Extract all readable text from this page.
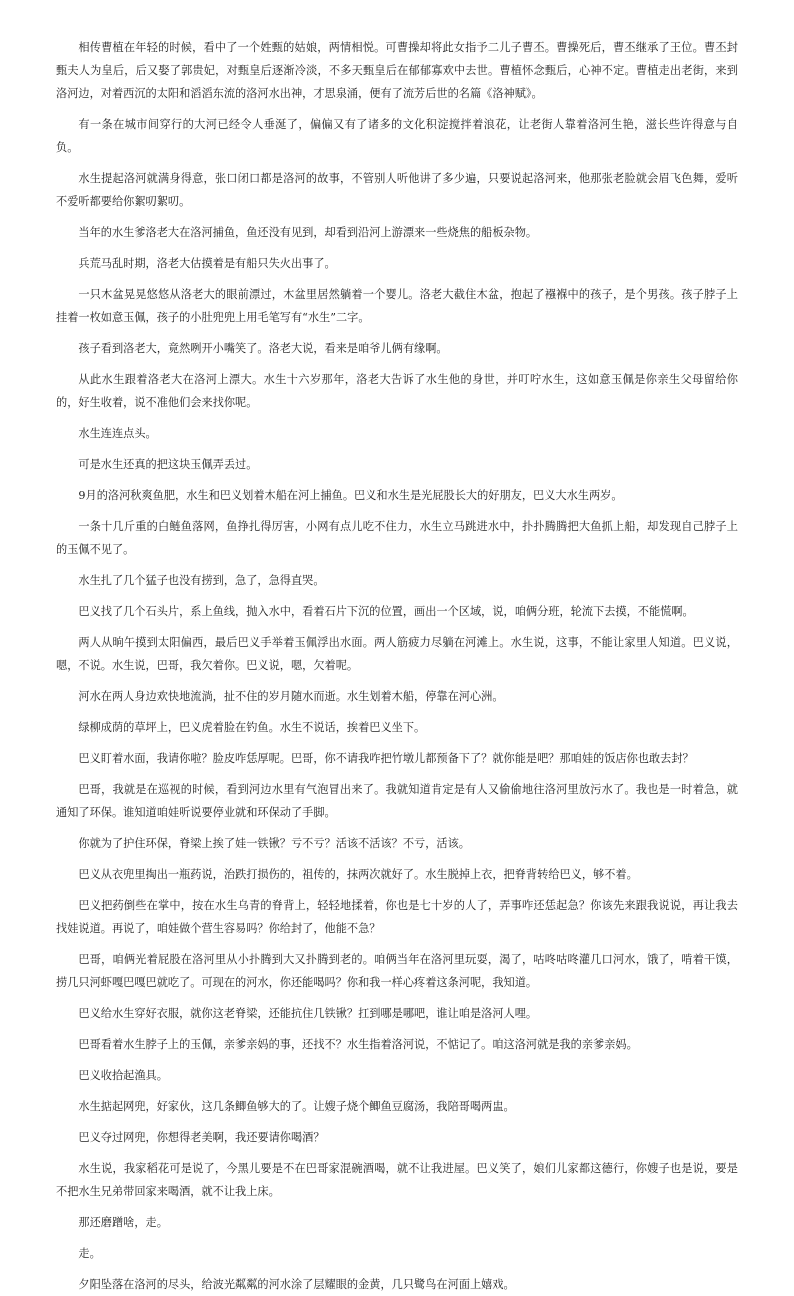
相传曹植在年轻的时候，看中了一个姓甄的姑娘，两情相悦。可曹操却将此女指予二儿子曹丕。曹操死后，曹丕继承了王位。曹丕封甄夫人为皇后，后又娶了郭贵妃，对甄皇后逐渐冷淡，不多天甄皇后在郁郁寡欢中去世。曹植怀念甄后，心神不定。曹植走出老街，来到洛河边，对着西沉的太阳和滔滔东流的洛河水出神，才思泉涌，便有了流芳后世的名篇《洛神赋》。

有一条在城市间穿行的大河已经令人垂涎了，偏偏又有了诸多的文化积淀搅拌着浪花，让老街人靠着洛河生艳，滋长些许得意与自负。

水生提起洛河就满身得意，张口闭口都是洛河的故事，不管别人听他讲了多少遍，只要说起洛河来，他那张老脸就会眉飞色舞，爱听不爱听都要给你絮叨絮叨。

当年的水生爹洛老大在洛河捕鱼，鱼还没有见到，却看到沿河上游漂来一些烧焦的船板杂物。

兵荒马乱时期，洛老大估摸着是有船只失火出事了。

一只木盆晃晃悠悠从洛老大的眼前漂过，木盆里居然躺着一个婴儿。洛老大截住木盆，抱起了襁褓中的孩子，是个男孩。孩子脖子上挂着一枚如意玉佩，孩子的小肚兜兜上用毛笔写有“水生”二字。

孩子看到洛老大，竟然咧开小嘴笑了。洛老大说，看来是咱爷儿俩有缘啊。

从此水生跟着洛老大在洛河上漂大。水生十六岁那年，洛老大告诉了水生他的身世，并叮咛水生，这如意玉佩是你亲生父母留给你的，好生收着，说不准他们会来找你呢。

水生连连点头。

可是水生还真的把这块玉佩弄丢过。

9月的洛河秋爽鱼肥，水生和巴义划着木船在河上捕鱼。巴义和水生是光屁股长大的好朋友，巴义大水生两岁。

一条十几斤重的白鲢鱼落网，鱼挣扎得厉害，小网有点儿吃不住力，水生立马跳进水中，扑扑腾腾把大鱼抓上船，却发现自己脖子上的玉佩不见了。

水生扎了几个猛子也没有捞到，急了，急得直哭。

巴义找了几个石头片，系上鱼线，抛入水中，看着石片下沉的位置，画出一个区域，说，咱俩分班，轮流下去摸，不能慌啊。

两人从晌午摸到太阳偏西，最后巴义手举着玉佩浮出水面。两人筋疲力尽躺在河滩上。水生说，这事，不能让家里人知道。巴义说，嗯，不说。水生说，巴哥，我欠着你。巴义说，嗯，欠着呢。

河水在两人身边欢快地流淌，扯不住的岁月随水而逝。水生划着木船，停靠在河心洲。

绿柳成荫的草坪上，巴义虎着脸在钓鱼。水生不说话，挨着巴义坐下。

巴义盯着水面，我请你啦？脸皮咋恁厚呢。巴哥，你不请我咋把竹墩儿都预备下了？就你能是吧？那咱娃的饭店你也敢去封？

巴哥，我就是在巡视的时候，看到河边水里有气泡冒出来了。我就知道肯定是有人又偷偷地往洛河里放污水了。我也是一时着急，就通知了环保。谁知道咱娃听说要停业就和环保动了手脚。

你就为了护住环保，脊梁上挨了娃一铁锹？亏不亏？活该不活该？不亏，活该。

巴义从衣兜里掏出一瓶药说，治跌打损伤的，祖传的，抹两次就好了。水生脱掉上衣，把脊背转给巴义，够不着。

巴义把药倒些在掌中，按在水生乌青的脊背上，轻轻地揉着，你也是七十岁的人了，弄事咋还恁起急？你该先来跟我说说，再让我去找娃说道。再说了，咱娃做个营生容易吗？你给封了，他能不急？

巴哥，咱俩光着屁股在洛河里从小扑腾到大又扑腾到老的。咱俩当年在洛河里玩耍，渴了，咕咚咕咚灌几口河水，饿了，啃着干馍，捞几只河虾嘎巴嘎巴就吃了。可现在的河水，你还能喝吗？你和我一样心疼着这条河呢，我知道。

巴义给水生穿好衣服，就你这老脊梁，还能抗住几铁锹？扛到哪是哪吧，谁让咱是洛河人哩。

巴哥看着水生脖子上的玉佩，亲爹亲妈的事，还找不？水生指着洛河说，不惦记了。咱这洛河就是我的亲爹亲妈。

巴义收拾起渔具。

水生掂起网兜，好家伙，这几条鲫鱼够大的了。让嫂子烧个鲫鱼豆腐汤，我陪哥喝两盅。

巴义夺过网兜，你想得老美啊，我还要请你喝酒？

水生说，我家稻花可是说了，今黑儿要是不在巴哥家混碗酒喝，就不让我进屋。巴义笑了，娘们儿家都这德行，你嫂子也是说，要是不把水生兄弟带回家来喝酒，就不让我上床。

那还磨蹭啥，走。

走。

夕阳坠落在洛河的尽头，给波光粼粼的河水涂了层耀眼的金黄，几只鹭鸟在河面上嬉戏。
